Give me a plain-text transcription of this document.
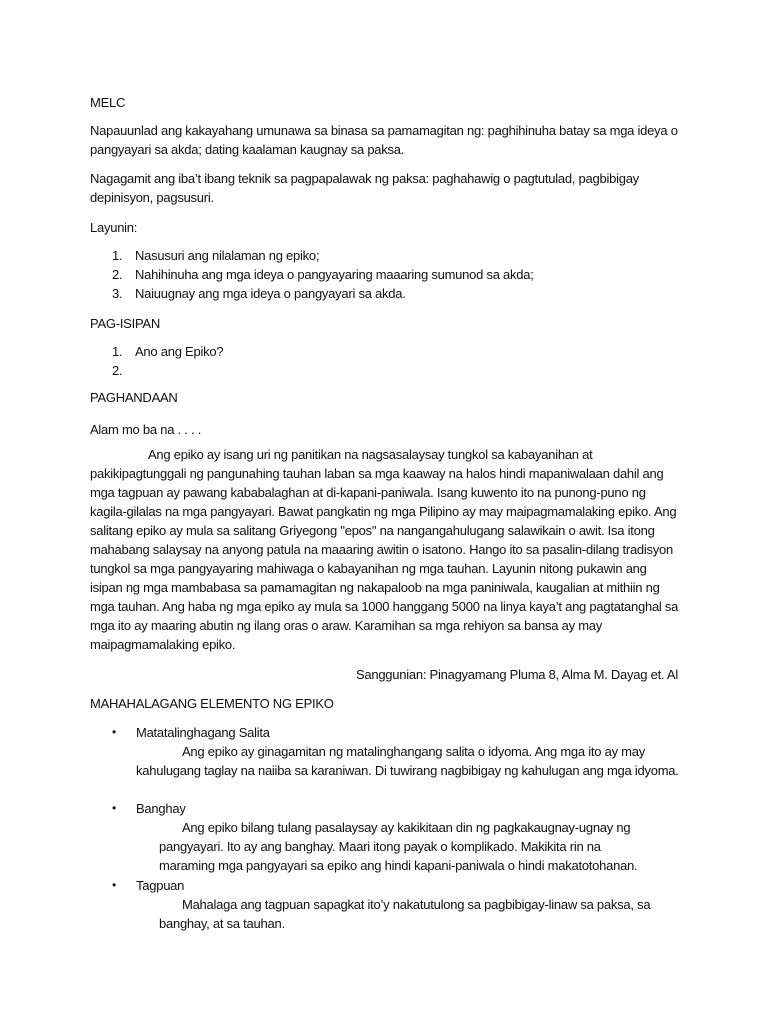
MELC

Napauunlad ang kakayahang umunawa sa binasa sa pamamagitan ng: paghihinuha batay sa mga ideya o pangyayari sa akda; dating kaalaman kaugnay sa paksa.

Nagagamit ang iba’t ibang teknik sa pagpapalawak ng paksa: paghahawig o pagtutulad, pagbibigay depinisyon, pagsusuri.

Layunin:

1. Nasusuri ang nilalaman ng epiko;
2. Nahihinuha ang mga ideya o pangyayaring maaaring sumunod sa akda;
3. Naiuugnay ang mga ideya o pangyayari sa akda.

PAG-ISIPAN

1. Ano ang Epiko?
2.

PAGHANDAAN

Alam mo ba na . . . .

Ang epiko ay isang uri ng panitikan na nagsasalaysay tungkol sa kabayanihan at pakikipagtunggali ng pangunahing tauhan laban sa mga kaaway na halos hindi mapaniwalaan dahil ang mga tagpuan ay pawang kababalaghan at di-kapani-paniwala. Isang kuwento ito na punong-puno ng kagila-gilalas na mga pangyayari. Bawat pangkatin ng mga Pilipino ay may maipagmamalaking epiko. Ang salitang epiko ay mula sa salitang Griyegong "epos" na nangangahulugang salawikain o awit. Isa itong mahabang salaysay na anyong patula na maaaring awitin o isatono. Hango ito sa pasalin-dilang tradisyon tungkol sa mga pangyayaring mahiwaga o kabayanihan ng mga tauhan. Layunin nitong pukawin ang isipan ng mga mambabasa sa pamamagitan ng nakapaloob na mga paniniwala, kaugalian at mithiin ng mga tauhan. Ang haba ng mga epiko ay mula sa 1000 hanggang 5000 na linya kaya’t ang pagtatanghal sa mga ito ay maaring abutin ng ilang oras o araw. Karamihan sa mga rehiyon sa bansa ay may maipagmamalaking epiko.

Sanggunian: Pinagyamang Pluma 8, Alma M. Dayag et. Al

MAHAHALAGANG ELEMENTO NG EPIKO

• Matatalinghagang Salita

Ang epiko ay ginagamitan ng matalinghangang salita o idyoma. Ang mga ito ay may kahulugang taglay na naiiba sa karaniwan. Di tuwirang nagbibigay ng kahulugan ang mga idyoma.

• Banghay

Ang epiko bilang tulang pasalaysay ay kakikitaan din ng pagkakaugnay-ugnay ng pangyayari. Ito ay ang banghay. Maari itong payak o komplikado. Makikita rin na maraming mga pangyayari sa epiko ang hindi kapani-paniwala o hindi makatotohanan.

• Tagpuan

Mahalaga ang tagpuan sapagkat ito’y nakatutulong sa pagbibigay-linaw sa paksa, sa banghay, at sa tauhan.
